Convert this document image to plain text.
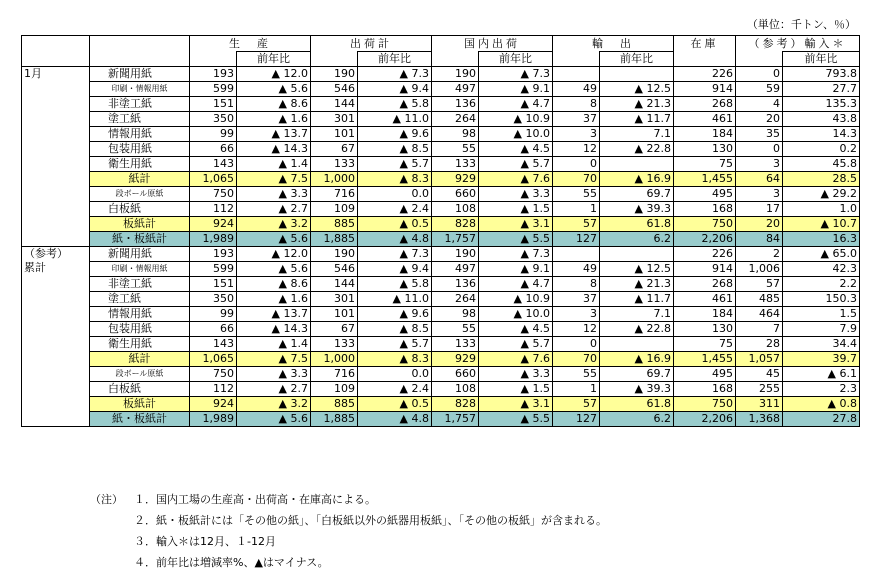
（単位：千トン、％）
		生　産		出荷計		国内出荷		輸　出		在庫	（参考）輸入＊	
			前年比		前年比		前年比		前年比			前年比

1月	新聞用紙	193	▲ 12.0	190	▲ 7.3	190	▲ 7.3			226	0	793.8
	印刷・情報用紙	599	▲ 5.6	546	▲ 9.4	497	▲ 9.1	49	▲ 12.5	914	59	27.7
	非塗工紙	151	▲ 8.6	144	▲ 5.8	136	▲ 4.7	8	▲ 21.3	268	4	135.3
	塗工紙	350	▲ 1.6	301	▲ 11.0	264	▲ 10.9	37	▲ 11.7	461	20	43.8
	情報用紙	99	▲ 13.7	101	▲ 9.6	98	▲ 10.0	3	7.1	184	35	14.3
	包装用紙	66	▲ 14.3	67	▲ 8.5	55	▲ 4.5	12	▲ 22.8	130	0	0.2
	衛生用紙	143	▲ 1.4	133	▲ 5.7	133	▲ 5.7	0		75	3	45.8
	紙計	1,065	▲ 7.5	1,000	▲ 8.3	929	▲ 7.6	70	▲ 16.9	1,455	64	28.5
	段ボール原紙	750	▲ 3.3	716	0.0	660	▲ 3.3	55	69.7	495	3	▲ 29.2
	白板紙	112	▲ 2.7	109	▲ 2.4	108	▲ 1.5	1	▲ 39.3	168	17	1.0
	板紙計	924	▲ 3.2	885	▲ 0.5	828	▲ 3.1	57	61.8	750	20	▲ 10.7
	紙・板紙計	1,989	▲ 5.6	1,885	▲ 4.8	1,757	▲ 5.5	127	6.2	2,206	84	16.3

（参考）
累計	新聞用紙	193	▲ 12.0	190	▲ 7.3	190	▲ 7.3			226	2	▲ 65.0
	印刷・情報用紙	599	▲ 5.6	546	▲ 9.4	497	▲ 9.1	49	▲ 12.5	914	1,006	42.3
	非塗工紙	151	▲ 8.6	144	▲ 5.8	136	▲ 4.7	8	▲ 21.3	268	57	2.2
	塗工紙	350	▲ 1.6	301	▲ 11.0	264	▲ 10.9	37	▲ 11.7	461	485	150.3
	情報用紙	99	▲ 13.7	101	▲ 9.6	98	▲ 10.0	3	7.1	184	464	1.5
	包装用紙	66	▲ 14.3	67	▲ 8.5	55	▲ 4.5	12	▲ 22.8	130	7	7.9
	衛生用紙	143	▲ 1.4	133	▲ 5.7	133	▲ 5.7	0		75	28	34.4
	紙計	1,065	▲ 7.5	1,000	▲ 8.3	929	▲ 7.6	70	▲ 16.9	1,455	1,057	39.7
	段ボール原紙	750	▲ 3.3	716	0.0	660	▲ 3.3	55	69.7	495	45	▲ 6.1
	白板紙	112	▲ 2.7	109	▲ 2.4	108	▲ 1.5	1	▲ 39.3	168	255	2.3
	板紙計	924	▲ 3.2	885	▲ 0.5	828	▲ 3.1	57	61.8	750	311	▲ 0.8
	紙・板紙計	1,989	▲ 5.6	1,885	▲ 4.8	1,757	▲ 5.5	127	6.2	2,206	1,368	27.8
（注）	１．国内工場の生産高・出荷高・在庫高による。
２．紙・板紙計には「その他の紙」、「白板紙以外の紙器用板紙」、「その他の板紙」が含まれる。
３．輸入＊は12月、１-12月
４．前年比は増減率%、▲はマイナス。
